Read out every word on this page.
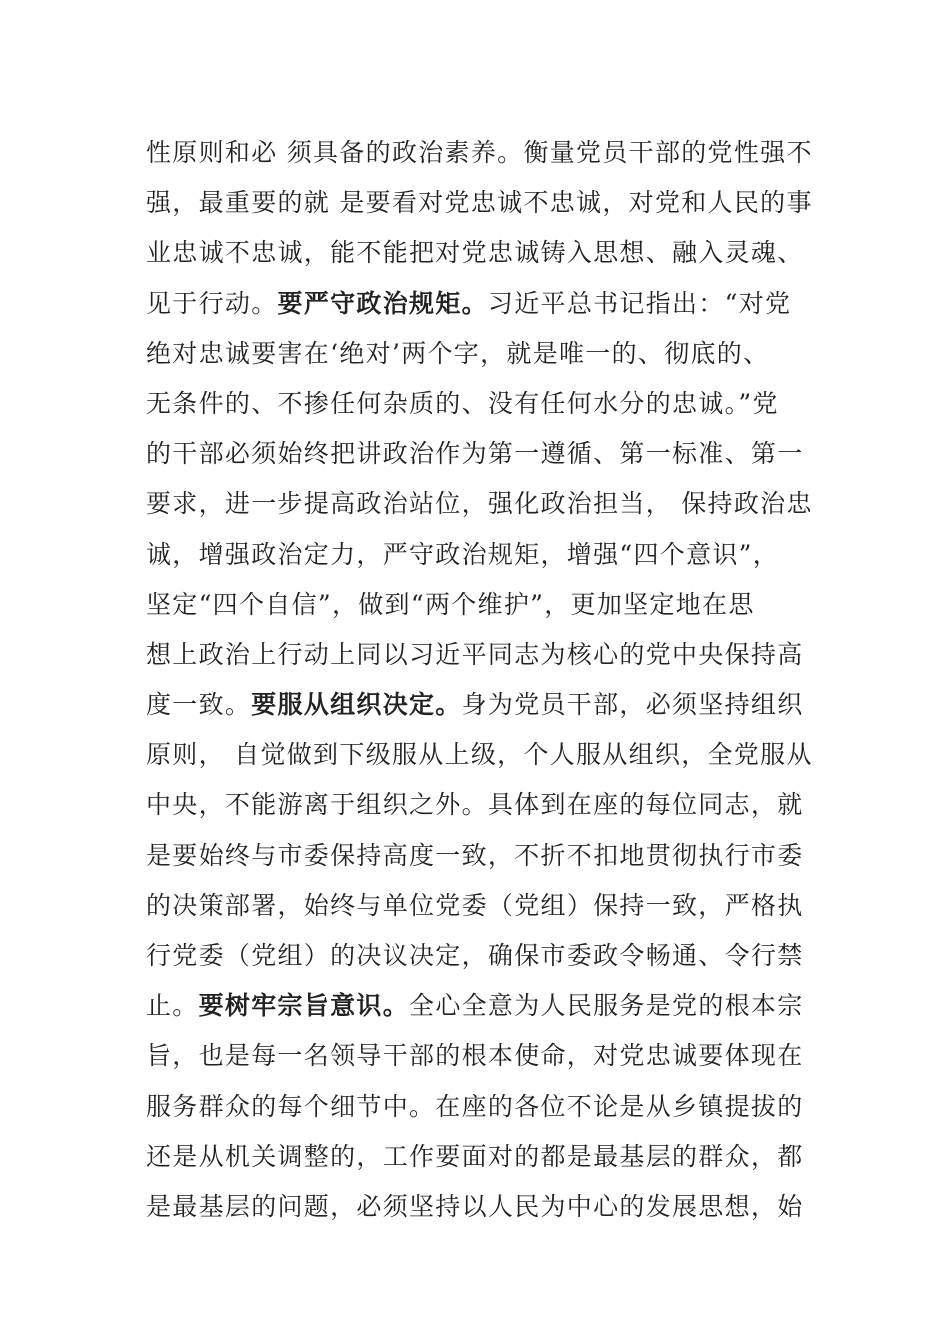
性原则和必 须具备的政治素养。衡量党员干部的党性强不
强，最重要的就 是要看对党忠诚不忠诚，对党和人民的事
业忠诚不忠诚，能不能把对党忠诚铸入思想、融入灵魂、
见于行动。要严守政治规矩。习近平总书记指出：“对党
绝对忠诚要害在‘绝对’两个字，就是唯一的、彻底的、
无条件的、不掺任何杂质的、没有任何水分的忠诚。”党
的干部必须始终把讲政治作为第一遵循、第一标准、第一
要求，进一步提高政治站位，强化政治担当， 保持政治忠
诚，增强政治定力，严守政治规矩，增强“四个意识”，
坚定“四个自信”，做到“两个维护”，更加坚定地在思
想上政治上行动上同以习近平同志为核心的党中央保持高
度一致。要服从组织决定。身为党员干部，必须坚持组织
原则， 自觉做到下级服从上级，个人服从组织，全党服从
中央，不能游离于组织之外。具体到在座的每位同志，就
是要始终与市委保持高度一致，不折不扣地贯彻执行市委
的决策部署，始终与单位党委（党组）保持一致，严格执
行党委（党组）的决议决定，确保市委政令畅通、令行禁
止。要树牢宗旨意识。全心全意为人民服务是党的根本宗
旨，也是每一名领导干部的根本使命，对党忠诚要体现在
服务群众的每个细节中。在座的各位不论是从乡镇提拔的
还是从机关调整的，工作要面对的都是最基层的群众，都
是最基层的问题，必须坚持以人民为中心的发展思想，始
